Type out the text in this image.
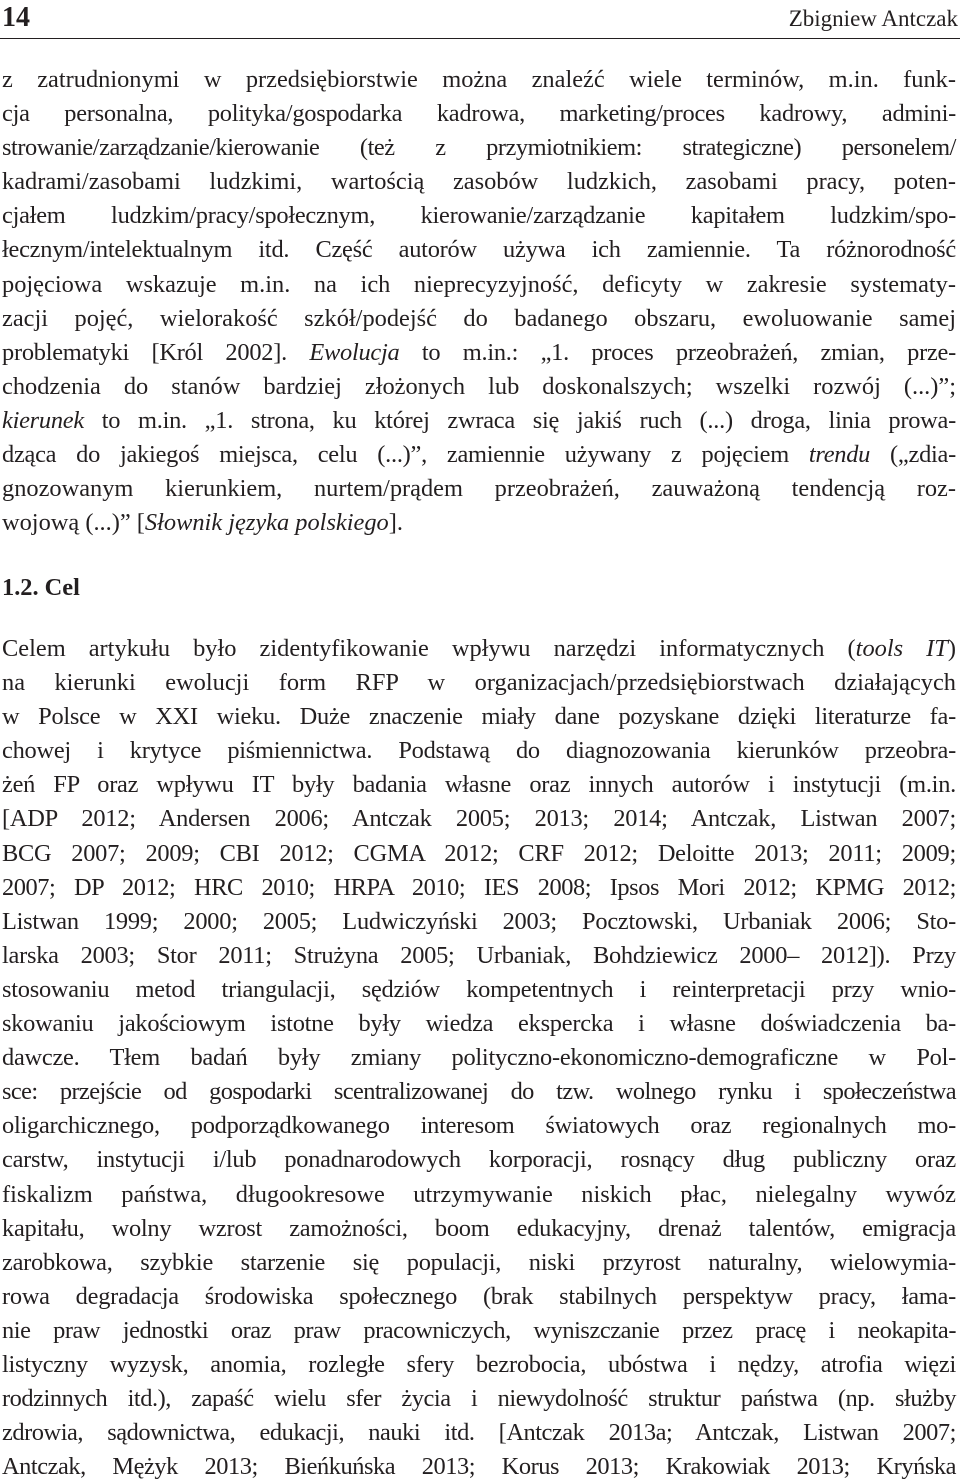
14	Zbigniew Antczak
z zatrudnionymi w przedsiębiorstwie można znaleźć wiele terminów, m.in. funk-
cja personalna, polityka/gospodarka kadrowa, marketing/proces kadrowy, admini-
strowanie/zarządzanie/kierowanie (też z przymiotnikiem: strategiczne) personelem/
kadrami/zasobami ludzkimi, wartością zasobów ludzkich, zasobami pracy, poten-
cjałem ludzkim/pracy/społecznym, kierowanie/zarządzanie kapitałem ludzkim/spo-
łecznym/intelektualnym itd. Część autorów używa ich zamiennie. Ta różnorodność
pojęciowa wskazuje m.in. na ich nieprecyzyjność, deficyty w zakresie systematy-
zacji pojęć, wielorakość szkół/podejść do badanego obszaru, ewoluowanie samej
problematyki [Król 2002]. Ewolucja to m.in.: „1. proces przeobrażeń, zmian, prze-
chodzenia do stanów bardziej złożonych lub doskonalszych; wszelki rozwój (...)”;
kierunek to m.in. „1. strona, ku której zwraca się jakiś ruch (...) droga, linia prowa-
dząca do jakiegoś miejsca, celu (...)”, zamiennie używany z pojęciem trendu („zdia-
gnozowanym kierunkiem, nurtem/prądem przeobrażeń, zauważoną tendencją roz-
wojową (...)” [Słownik języka polskiego].
1.2. Cel
Celem artykułu było zidentyfikowanie wpływu narzędzi informatycznych (tools IT)
na kierunki ewolucji form RFP w organizacjach/przedsiębiorstwach działających
w Polsce w XXI wieku. Duże znaczenie miały dane pozyskane dzięki literaturze fa-
chowej i krytyce piśmiennictwa. Podstawą do diagnozowania kierunków przeobra-
żeń FP oraz wpływu IT były badania własne oraz innych autorów i instytucji (m.in.
[ADP 2012; Andersen 2006; Antczak 2005; 2013; 2014; Antczak, Listwan 2007;
BCG 2007; 2009; CBI 2012; CGMA 2012; CRF 2012; Deloitte 2013; 2011; 2009;
2007; DP 2012; HRC 2010; HRPA 2010; IES 2008; Ipsos Mori 2012; KPMG 2012;
Listwan 1999; 2000; 2005; Ludwiczyński 2003; Pocztowski, Urbaniak 2006; Sto-
larska 2003; Stor 2011; Strużyna 2005; Urbaniak, Bohdziewicz 2000– 2012]). Przy
stosowaniu metod triangulacji, sędziów kompetentnych i reinterpretacji przy wnio-
skowaniu jakościowym istotne były wiedza ekspercka i własne doświadczenia ba-
dawcze. Tłem badań były zmiany polityczno-ekonomiczno-demograficzne w Pol-
sce: przejście od gospodarki scentralizowanej do tzw. wolnego rynku i społeczeństwa
oligarchicznego, podporządkowanego interesom światowych oraz regionalnych mo-
carstw, instytucji i/lub ponadnarodowych korporacji, rosnący dług publiczny oraz
fiskalizm państwa, długookresowe utrzymywanie niskich płac, nielegalny wywóz
kapitału, wolny wzrost zamożności, boom edukacyjny, drenaż talentów, emigracja
zarobkowa, szybkie starzenie się populacji, niski przyrost naturalny, wielowymia-
rowa degradacja środowiska społecznego (brak stabilnych perspektyw pracy, łama-
nie praw jednostki oraz praw pracowniczych, wyniszczanie przez pracę i neokapita-
listyczny wyzysk, anomia, rozległe sfery bezrobocia, ubóstwa i nędzy, atrofia więzi
rodzinnych itd.), zapaść wielu sfer życia i niewydolność struktur państwa (np. służby
zdrowia, sądownictwa, edukacji, nauki itd. [Antczak 2013a; Antczak, Listwan 2007;
Antczak, Mężyk 2013; Bieńkuńska 2013; Korus 2013; Krakowiak 2013; Kryńska
